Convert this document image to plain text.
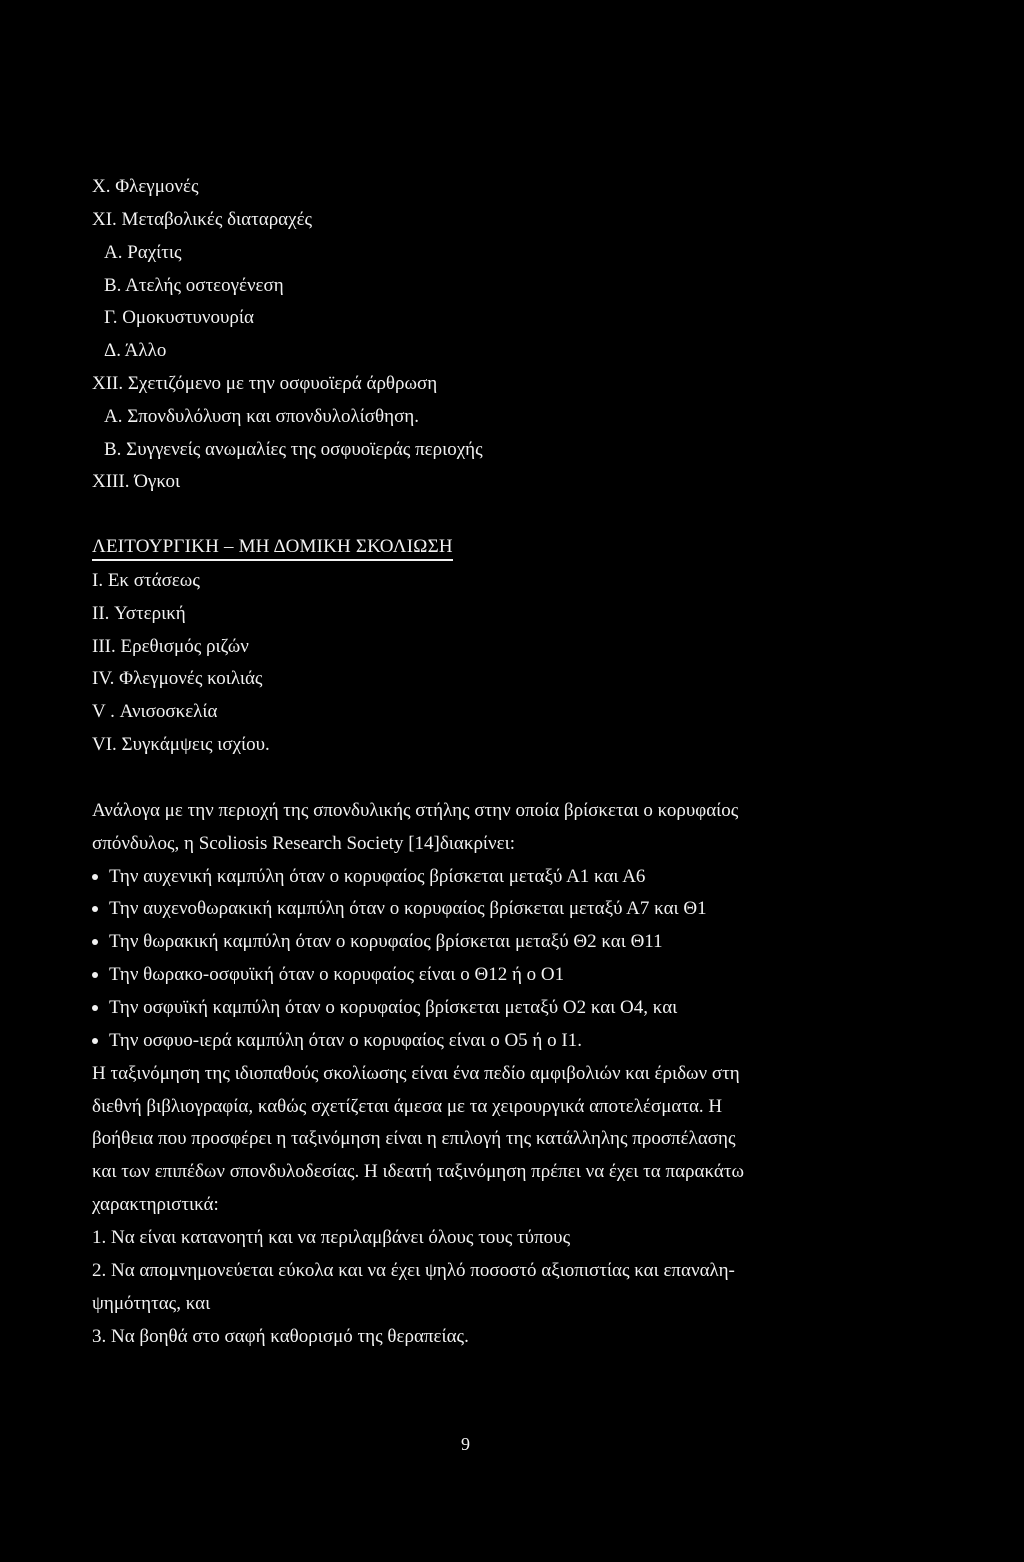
X. Φλεγμονές
XI. Μεταβολικές διαταραχές
Α. Ραχίτις
Β. Ατελής οστεογένεση
Γ. Ομοκυστυνουρία
Δ. Άλλο
XII. Σχετιζόμενο με την οσφυοϊερά άρθρωση
Α. Σπονδυλόλυση και σπονδυλολίσθηση.
Β. Συγγενείς ανωμαλίες της οσφυοϊεράς περιοχής
XIII. Όγκοι
ΛΕΙΤΟΥΡΓΙΚΗ – ΜΗ ΔΟΜΙΚΗ ΣΚΟΛΙΩΣΗ
Ι. Εκ στάσεως
II. Υστερική
III. Ερεθισμός ριζών
IV. Φλεγμονές κοιλιάς
V . Ανισοσκελία
VI. Συγκάμψεις ισχίου.
Ανάλογα με την περιοχή της σπονδυλικής στήλης στην οποία βρίσκεται ο κορυφαίος
σπόνδυλος, η Scoliosis Research Society [14]διακρίνει:
Την αυχενική καμπύλη όταν ο κορυφαίος βρίσκεται μεταξύ Α1 και Α6
Την αυχενοθωρακική καμπύλη όταν ο κορυφαίος βρίσκεται μεταξύ Α7 και Θ1
Την θωρακική καμπύλη όταν ο κορυφαίος βρίσκεται μεταξύ Θ2 και Θ11
Την θωρακο-οσφυϊκή όταν ο κορυφαίος είναι ο Θ12 ή ο Ο1
Την οσφυϊκή καμπύλη όταν ο κορυφαίος βρίσκεται μεταξύ Ο2 και Ο4, και
Την οσφυο-ιερά καμπύλη όταν ο κορυφαίος είναι ο Ο5 ή ο Ι1.
Η ταξινόμηση της ιδιοπαθούς σκολίωσης είναι ένα πεδίο αμφιβολιών και έριδων στη
διεθνή βιβλιογραφία, καθώς σχετίζεται άμεσα με τα χειρουργικά αποτελέσματα. Η
βοήθεια που προσφέρει η ταξινόμηση είναι η επιλογή της κατάλληλης προσπέλασης
και των επιπέδων σπονδυλοδεσίας. Η ιδεατή ταξινόμηση πρέπει να έχει τα παρακάτω
χαρακτηριστικά:
1. Να είναι κατανοητή και να περιλαμβάνει όλους τους τύπους
2. Να απομνημονεύεται εύκολα και να έχει ψηλό ποσοστό αξιοπιστίας και επαναλη-
ψημότητας, και
3. Να βοηθά στο σαφή καθορισμό της θεραπείας.
9
